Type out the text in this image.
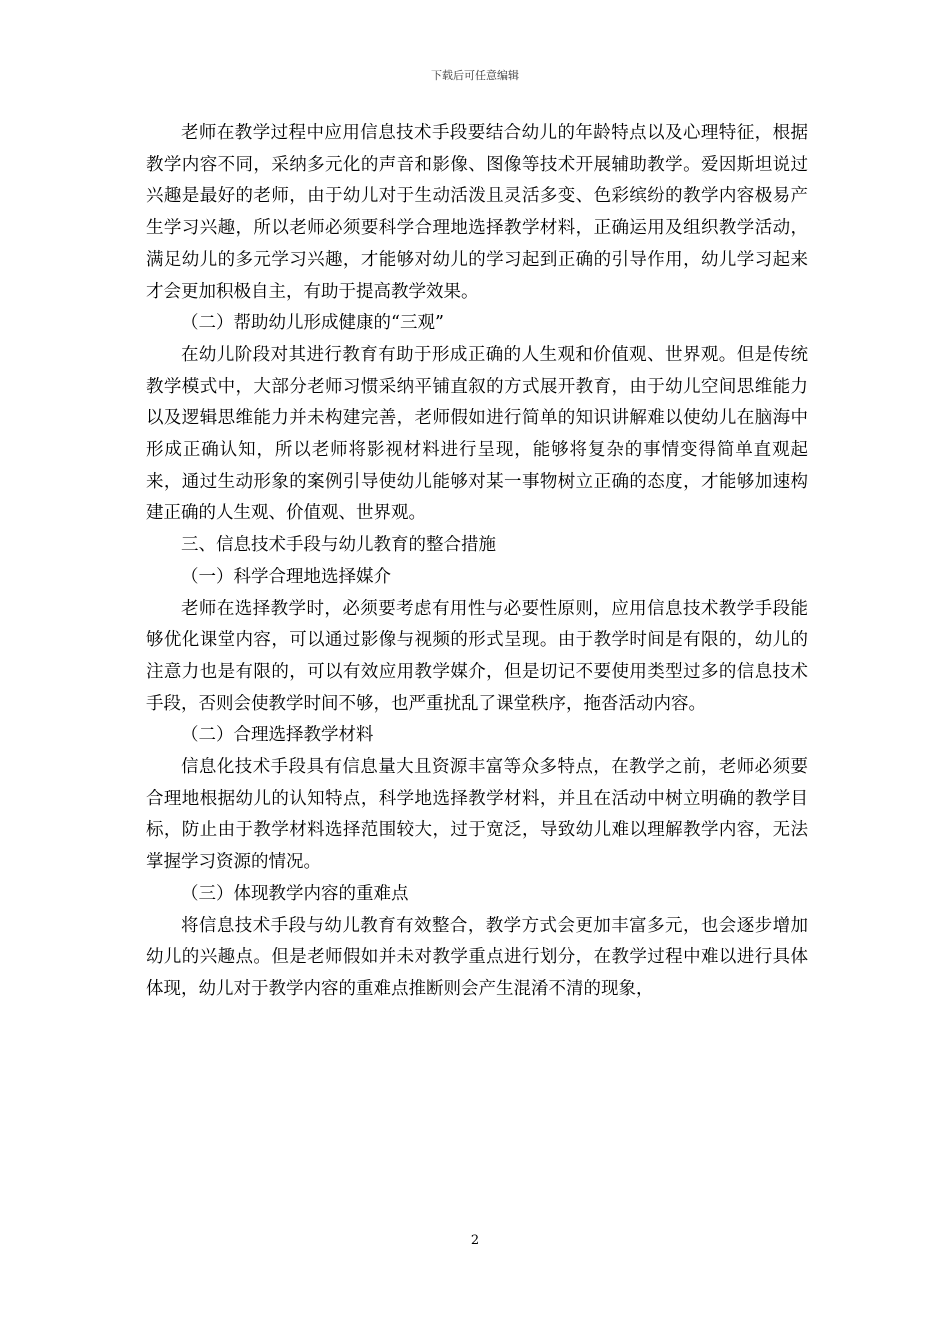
下载后可任意编辑

老师在教学过程中应用信息技术手段要结合幼儿的年龄特点以及心理特征，根据教学内容不同，采纳多元化的声音和影像、图像等技术开展辅助教学。爱因斯坦说过兴趣是最好的老师，由于幼儿对于生动活泼且灵活多变、色彩缤纷的教学内容极易产生学习兴趣，所以老师必须要科学合理地选择教学材料，正确运用及组织教学活动，满足幼儿的多元学习兴趣，才能够对幼儿的学习起到正确的引导作用，幼儿学习起来才会更加积极自主，有助于提高教学效果。

（二）帮助幼儿形成健康的“三观”

在幼儿阶段对其进行教育有助于形成正确的人生观和价值观、世界观。但是传统教学模式中，大部分老师习惯采纳平铺直叙的方式展开教育，由于幼儿空间思维能力以及逻辑思维能力并未构建完善，老师假如进行简单的知识讲解难以使幼儿在脑海中形成正确认知，所以老师将影视材料进行呈现，能够将复杂的事情变得简单直观起来，通过生动形象的案例引导使幼儿能够对某一事物树立正确的态度，才能够加速构建正确的人生观、价值观、世界观。

三、信息技术手段与幼儿教育的整合措施

（一）科学合理地选择媒介

老师在选择教学时，必须要考虑有用性与必要性原则，应用信息技术教学手段能够优化课堂内容，可以通过影像与视频的形式呈现。由于教学时间是有限的，幼儿的注意力也是有限的，可以有效应用教学媒介，但是切记不要使用类型过多的信息技术手段，否则会使教学时间不够，也严重扰乱了课堂秩序，拖沓活动内容。

（二）合理选择教学材料

信息化技术手段具有信息量大且资源丰富等众多特点，在教学之前，老师必须要合理地根据幼儿的认知特点，科学地选择教学材料，并且在活动中树立明确的教学目标，防止由于教学材料选择范围较大，过于宽泛，导致幼儿难以理解教学内容，无法掌握学习资源的情况。

（三）体现教学内容的重难点

将信息技术手段与幼儿教育有效整合，教学方式会更加丰富多元，也会逐步增加幼儿的兴趣点。但是老师假如并未对教学重点进行划分，在教学过程中难以进行具体体现，幼儿对于教学内容的重难点推断则会产生混淆不清的现象，

2
